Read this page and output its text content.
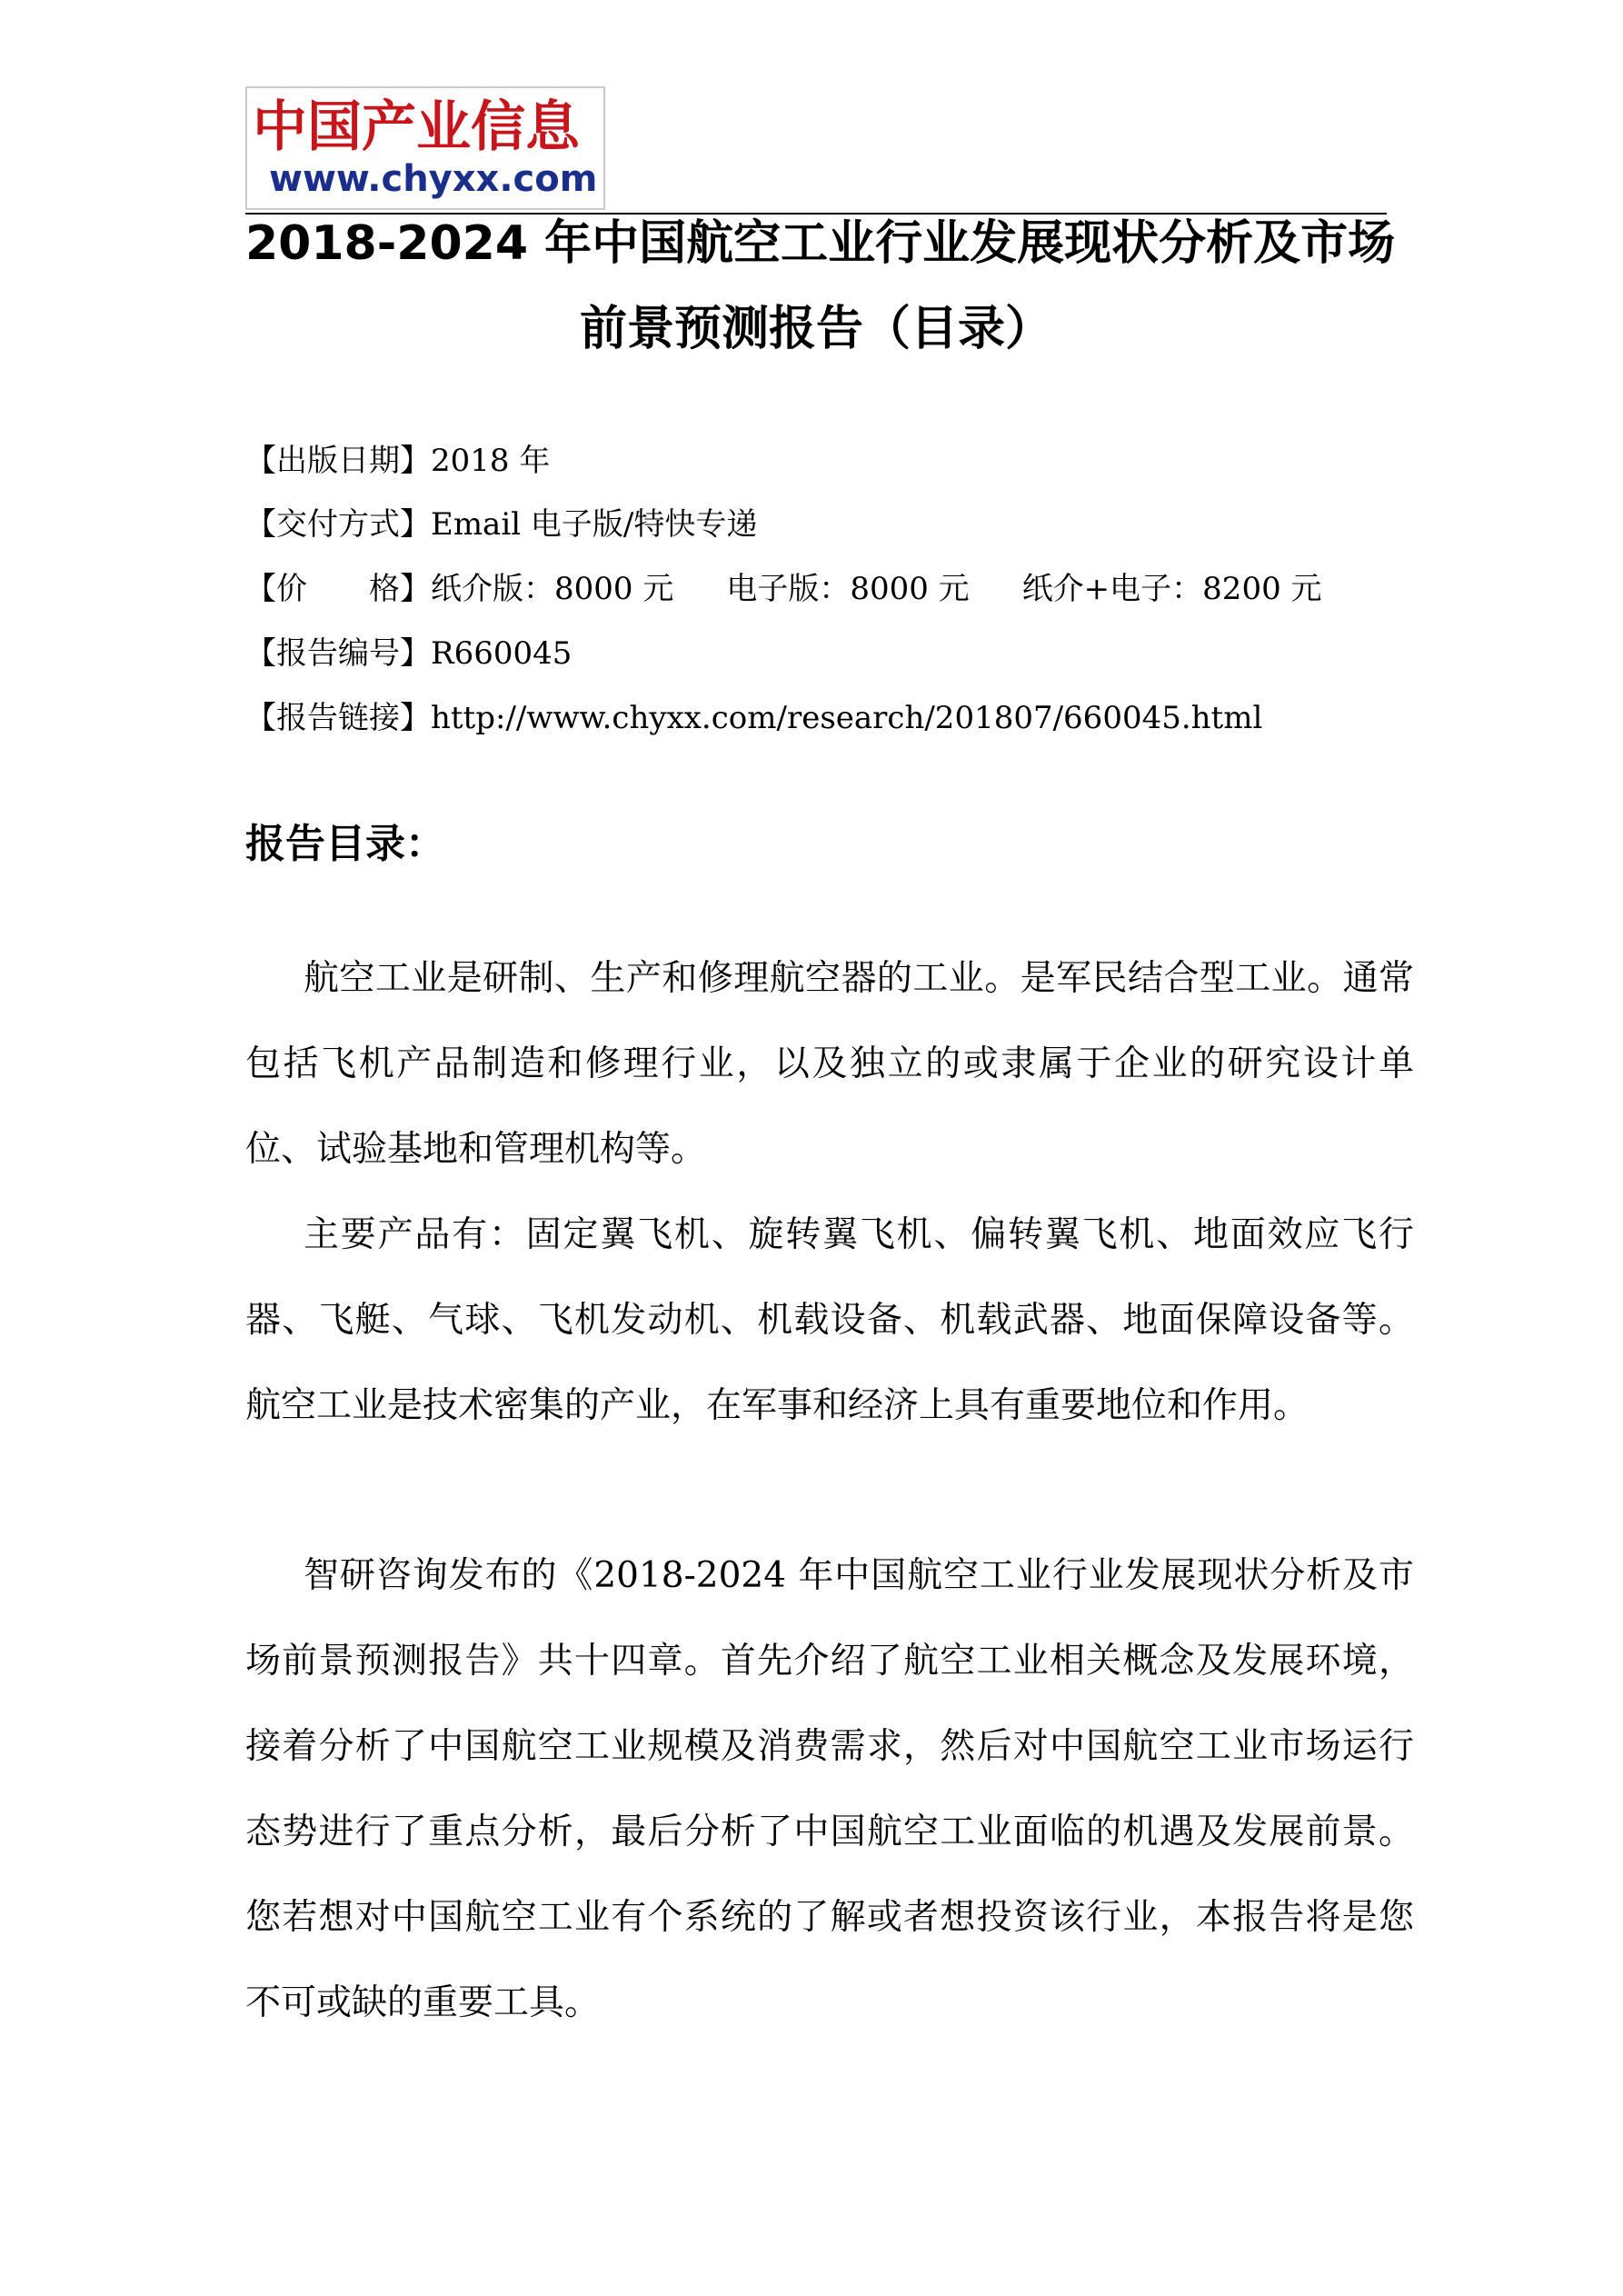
中国产业信息
www.chyxx.com
2018-2024 年中国航空工业行业发展现状分析及市场
前景预测报告（目录）
【出版日期】2018 年
【交付方式】Email 电子版/特快专递
【价　　格】纸介版：8000 元 电子版：8000 元 纸介+电子：8200 元
【报告编号】R660045
【报告链接】http://www.chyxx.com/research/201807/660045.html
报告目录：

航空工业是研制、生产和修理航空器的工业。是军民结合型工业。通常包括飞机产品制造和修理行业，以及独立的或隶属于企业的研究设计单位、试验基地和管理机构等。

主要产品有：固定翼飞机、旋转翼飞机、偏转翼飞机、地面效应飞行器、飞艇、气球、飞机发动机、机载设备、机载武器、地面保障设备等。航空工业是技术密集的产业，在军事和经济上具有重要地位和作用。

智研咨询发布的《2018-2024 年中国航空工业行业发展现状分析及市场前景预测报告》共十四章。首先介绍了航空工业相关概念及发展环境，接着分析了中国航空工业规模及消费需求，然后对中国航空工业市场运行态势进行了重点分析，最后分析了中国航空工业面临的机遇及发展前景。您若想对中国航空工业有个系统的了解或者想投资该行业，本报告将是您不可或缺的重要工具。
